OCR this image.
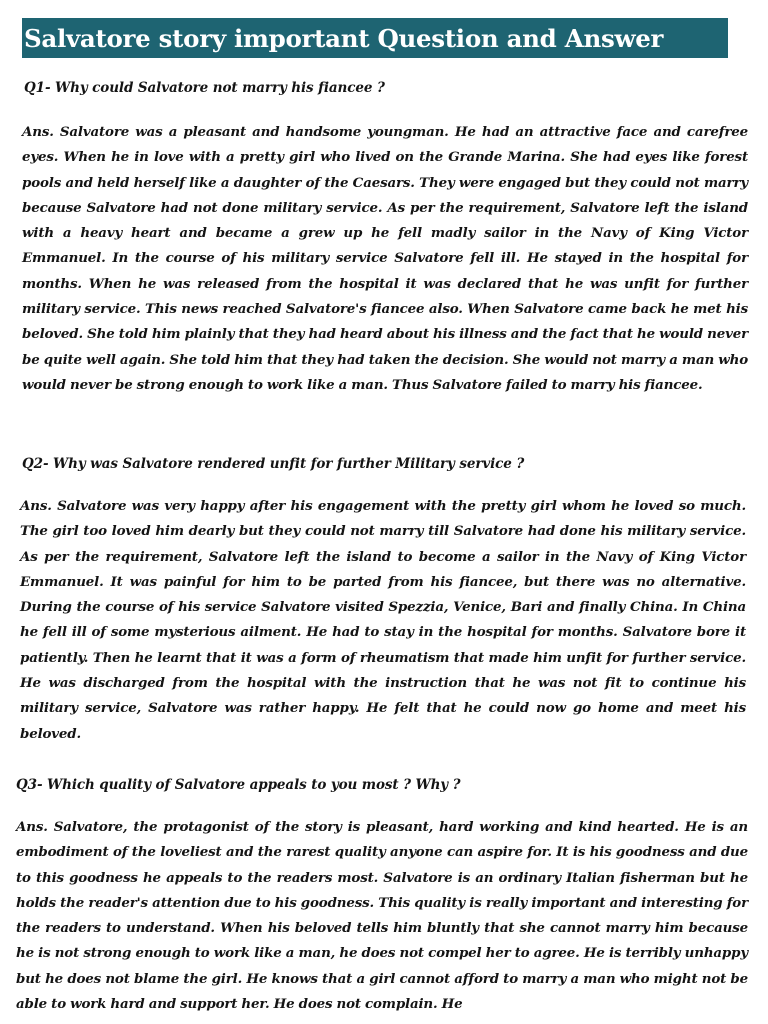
Salvatore story important Question and Answer
Q1- Why could Salvatore not marry his fiancee ?

Ans. Salvatore was a pleasant and handsome youngman. He had an attractive face and carefree eyes. When he in love with a pretty girl who lived on the Grande Marina. She had eyes like forest pools and held herself like a daughter of the Caesars. They were engaged but they could not marry because Salvatore had not done military service. As per the requirement, Salvatore left the island with a heavy heart and became a grew up he fell madly sailor in the Navy of King Victor Emmanuel. In the course of his military service Salvatore fell ill. He stayed in the hospital for months. When he was released from the hospital it was declared that he was unfit for further military service. This news reached Salvatore's fiancee also. When Salvatore came back he met his beloved. She told him plainly that they had heard about his illness and the fact that he would never be quite well again. She told him that they had taken the decision. She would not marry a man who would never be strong enough to work like a man. Thus Salvatore failed to marry his fiancee.

Q2- Why was Salvatore rendered unfit for further Military service ?

Ans. Salvatore was very happy after his engagement with the pretty girl whom he loved so much. The girl too loved him dearly but they could not marry till Salvatore had done his military service. As per the requirement, Salvatore left the island to become a sailor in the Navy of King Victor Emmanuel. It was painful for him to be parted from his fiancee, but there was no alternative. During the course of his service Salvatore visited Spezzia, Venice, Bari and finally China. In China he fell ill of some mysterious ailment. He had to stay in the hospital for months. Salvatore bore it patiently. Then he learnt that it was a form of rheumatism that made him unfit for further service. He was discharged from the hospital with the instruction that he was not fit to continue his military service, Salvatore was rather happy. He felt that he could now go home and meet his beloved.

Q3- Which quality of Salvatore appeals to you most ? Why ?

Ans. Salvatore, the protagonist of the story is pleasant, hard working and kind hearted. He is an embodiment of the loveliest and the rarest quality anyone can aspire for. It is his goodness and due to this goodness he appeals to the readers most. Salvatore is an ordinary Italian fisherman but he holds the reader's attention due to his goodness. This quality is really important and interesting for the readers to understand. When his beloved tells him bluntly that she cannot marry him because he is not strong enough to work like a man, he does not compel her to agree. He is terribly unhappy but he does not blame the girl. He knows that a girl cannot afford to marry a man who might not be able to work hard and support her. He does not complain. He
